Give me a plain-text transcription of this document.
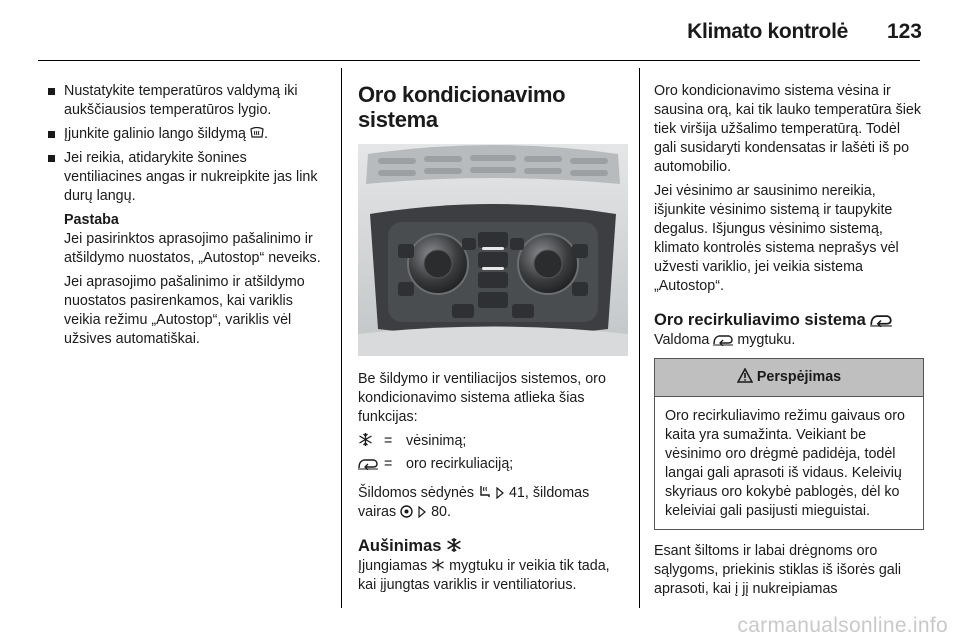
Klimato kontrolė 123
Nustatykite temperatūros valdymą iki aukščiausios temperatūros lygio.
Įjunkite galinio lango šildymą .
Jei reikia, atidarykite šonines ventiliacines angas ir nukreipkite jas link durų langų.
Pastaba

Jei pasirinktos aprasojimo pašalinimo ir atšildymo nuostatos, „Autostop“ neveiks.

Jei aprasojimo pašalinimo ir atšildymo nuostatos pasirenkamos, kai variklis veikia režimu „Autostop“, variklis vėl užsives automatiškai.

Oro kondicionavimo sistema

Be šildymo ir ventiliacijos sistemos, oro kondicionavimo sistema atlieka šias funkcijas:

= vėsinimą;
= oro recirkuliaciją;

Šildomos sėdynės 41, šildomas vairas 80.

Aušinimas

Įjungiamas mygtuku ir veikia tik tada, kai įjungtas variklis ir ventiliatorius.

Oro kondicionavimo sistema vėsina ir sausina orą, kai tik lauko temperatūra šiek tiek viršija užšalimo temperatūrą. Todėl gali susidaryti kondensatas ir lašėti iš po automobilio.

Jei vėsinimo ar sausinimo nereikia, išjunkite vėsinimo sistemą ir taupykite degalus. Išjungus vėsinimo sistemą, klimato kontrolės sistema neprašys vėl užvesti variklio, jei veikia sistema „Autostop“.

Oro recirkuliavimo sistema

Valdoma mygtuku.

Perspėjimas
Oro recirkuliavimo režimu gaivaus oro kaita yra sumažinta. Veikiant be vėsinimo oro drėgmė padidėja, todėl langai gali aprasoti iš vidaus. Keleivių skyriaus oro kokybė pablogės, dėl ko keleiviai gali pasijusti mieguistai.

Esant šiltoms ir labai drėgnoms oro sąlygoms, priekinis stiklas iš išorės gali aprasoti, kai į jį nukreipiamas

carmanualsonline.info
